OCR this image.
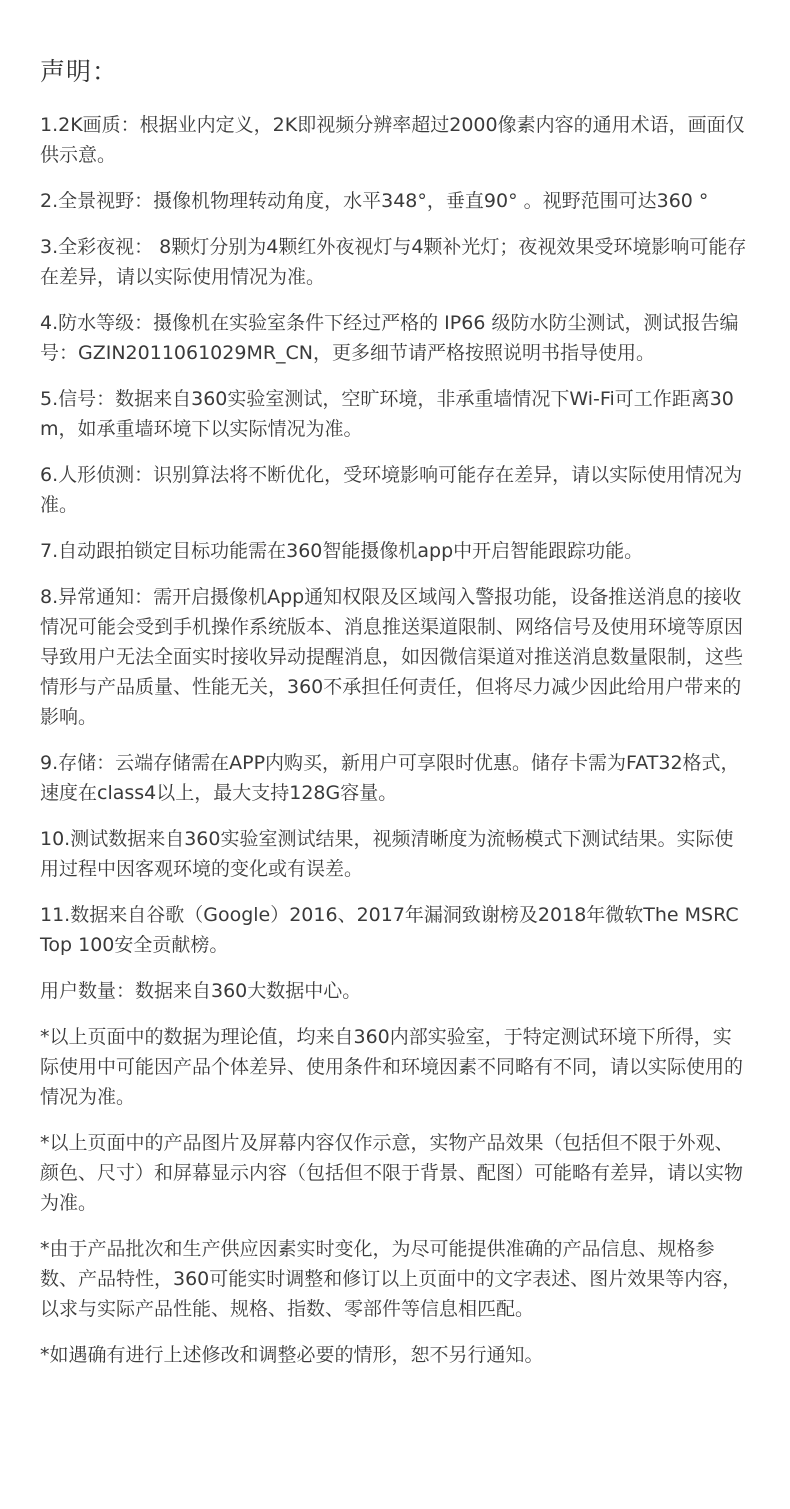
声明：
1.2K画质：根据业内定义，2K即视频分辨率超过2000像素内容的通用术语，画面仅供示意。
2.全景视野：摄像机物理转动角度，水平348°，垂直90° 。视野范围可达360 °
3.全彩夜视： 8颗灯分别为4颗红外夜视灯与4颗补光灯；夜视效果受环境影响可能存在差异，请以实际使用情况为准。
4.防水等级：摄像机在实验室条件下经过严格的 IP66 级防水防尘测试，测试报告编号：GZIN2011061029MR_CN，更多细节请严格按照说明书指导使用。
5.信号：数据来自360实验室测试，空旷环境，非承重墙情况下Wi-Fi可工作距离30m，如承重墙环境下以实际情况为准。
6.人形侦测：识别算法将不断优化，受环境影响可能存在差异，请以实际使用情况为准。
7.自动跟拍锁定目标功能需在360智能摄像机app中开启智能跟踪功能。
8.异常通知：需开启摄像机App通知权限及区域闯入警报功能，设备推送消息的接收情况可能会受到手机操作系统版本、消息推送渠道限制、网络信号及使用环境等原因导致用户无法全面实时接收异动提醒消息，如因微信渠道对推送消息数量限制，这些情形与产品质量、性能无关，360不承担任何责任，但将尽力减少因此给用户带来的影响。
9.存储：云端存储需在APP内购买，新用户可享限时优惠。储存卡需为FAT32格式，速度在class4以上，最大支持128G容量。
10.测试数据来自360实验室测试结果，视频清晰度为流畅模式下测试结果。实际使用过程中因客观环境的变化或有误差。
11.数据来自谷歌（Google）2016、2017年漏洞致谢榜及2018年微软The MSRC Top 100安全贡献榜。
用户数量：数据来自360大数据中心。
*以上页面中的数据为理论值，均来自360内部实验室，于特定测试环境下所得，实际使用中可能因产品个体差异、使用条件和环境因素不同略有不同，请以实际使用的情况为准。
*以上页面中的产品图片及屏幕内容仅作示意，实物产品效果（包括但不限于外观、颜色、尺寸）和屏幕显示内容（包括但不限于背景、配图）可能略有差异，请以实物为准。
*由于产品批次和生产供应因素实时变化，为尽可能提供准确的产品信息、规格参数、产品特性，360可能实时调整和修订以上页面中的文字表述、图片效果等内容，以求与实际产品性能、规格、指数、零部件等信息相匹配。
*如遇确有进行上述修改和调整必要的情形，恕不另行通知。
